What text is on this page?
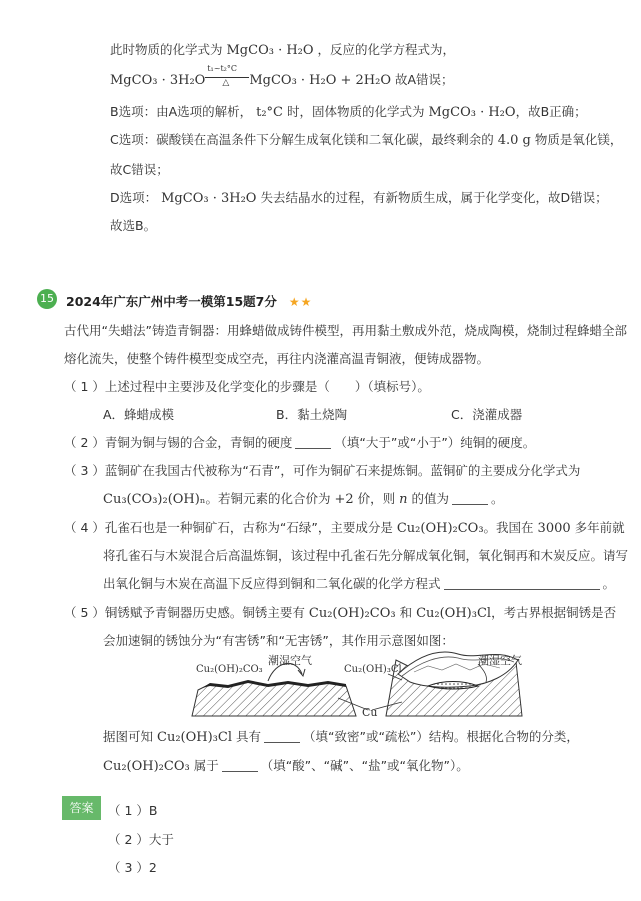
此时物质的化学式为 MgCO₃ · H₂O ，反应的化学方程式为，
MgCO₃ · $3H_2O \frac{\text{t₁\textasciitilde{}t₂°C}}{\triangle}$ MgCO₃ · H₂O + 2H₂O 故A错误；
B选项：由A选项的解析， t₂°C 时，固体物质的化学式为 MgCO₃ · H₂O，故B正确；
C选项：碳酸镁在高温条件下分解生成氧化镁和二氧化碳，最终剩余的 4.0 g 物质是氧化镁，
故C错误；
D选项： MgCO₃ · 3H₂O 失去结晶水的过程，有新物质生成，属于化学变化，故D错误；
故选B。
15 2024年广东广州中考一模第15题7分 ★★
古代用“失蜡法”铸造青铜器：用蜂蜡做成铸件模型，再用黏土敷成外范，烧成陶模，烧制过程蜂蜡全部
熔化流失，使整个铸件模型变成空壳，再往内浇灌高温青铜液，便铸成器物。
（ 1 ）上述过程中主要涉及化学变化的步骤是（　　）（填标号）。
A．蜂蜡成模	B．黏土烧陶	C．浇灌成器
（ 2 ）青铜为铜与锡的合金，青铜的硬度	（填“大于”或“小于”）纯铜的硬度。
（ 3 ）蓝铜矿在我国古代被称为“石青”，可作为铜矿石来提炼铜。蓝铜矿的主要成分化学式为
Cu₃(CO₃)₂(OH)ₙ。若铜元素的化合价为 +2 价，则 n 的值为	。
（ 4 ）孔雀石也是一种铜矿石，古称为“石绿”，主要成分是 Cu₂(OH)₂CO₃。我国在 3000 多年前就
将孔雀石与木炭混合后高温炼铜，该过程中孔雀石先分解成氧化铜，氧化铜再和木炭反应。请写
出氧化铜与木炭在高温下反应得到铜和二氧化碳的化学方程式	。
（ 5 ）铜锈赋予青铜器历史感。铜锈主要有 Cu₂(OH)₂CO₃ 和 Cu₂(OH)₃Cl，考古界根据铜锈是否
会加速铜的锈蚀分为“有害锈”和“无害锈”，其作用示意图如图：
Cu₂(OH)₂CO₃
潮湿空气
Cu₂(OH)₃Cl
潮湿空气
Cu
据图可知 Cu₂(OH)₃Cl 具有	（填“致密”或“疏松”）结构。根据化合物的分类，
Cu₂(OH)₂CO₃ 属于	（填“酸”、“碱”、“盐”或“氧化物”）。
答案	（ 1 ）B
（ 2 ）大于
（ 3 ）2
